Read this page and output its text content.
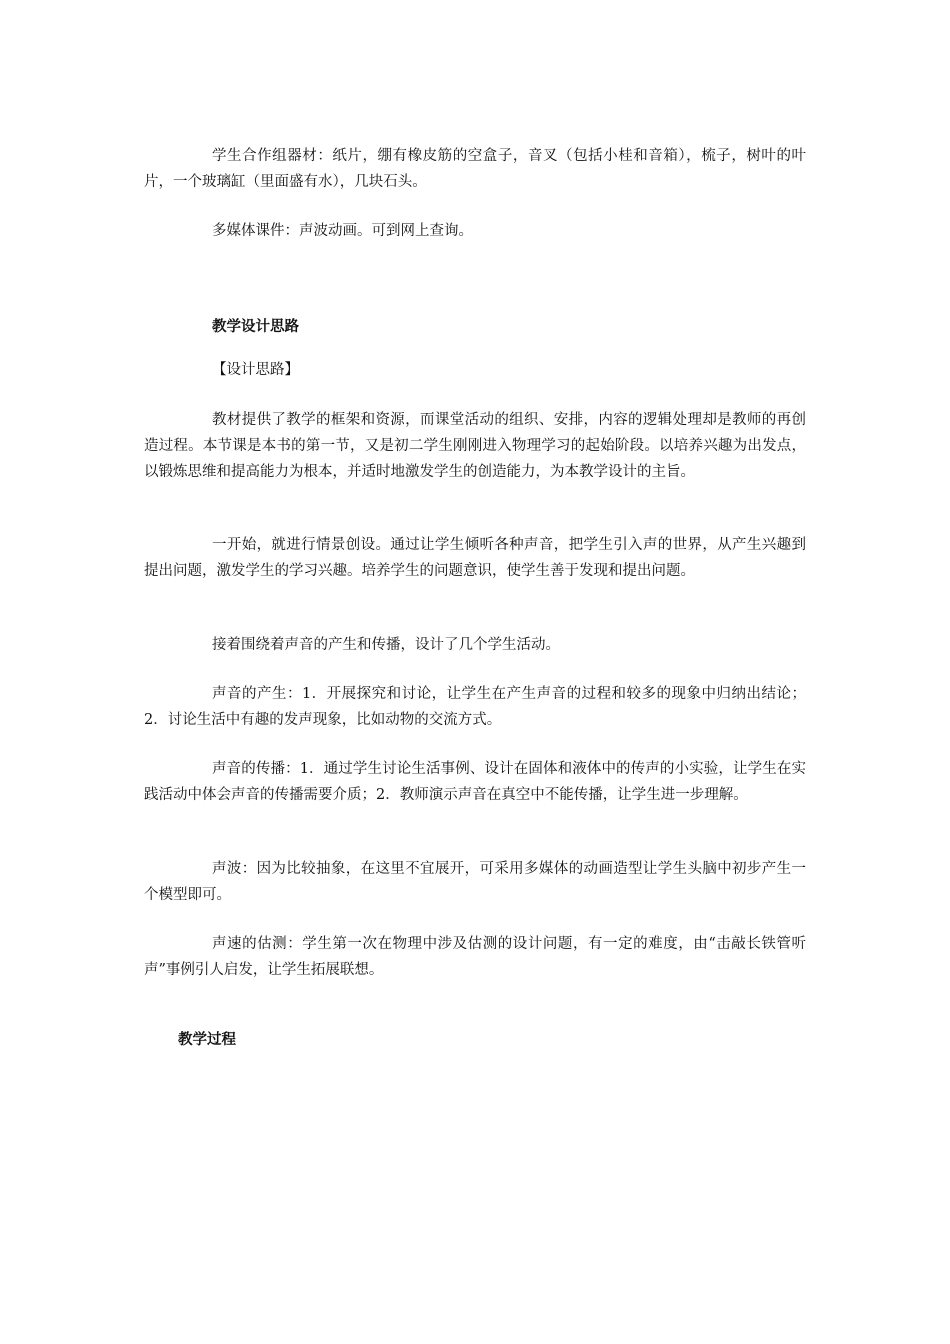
学生合作组器材：纸片，绷有橡皮筋的空盒子，音叉（包括小桂和音箱），梳子，树叶的叶片，一个玻璃缸（里面盛有水），几块石头。

多媒体课件：声波动画。可到网上查询。

教学设计思路

【设计思路】

教材提供了教学的框架和资源，而课堂活动的组织、安排，内容的逻辑处理却是教师的再创造过程。本节课是本书的第一节，又是初二学生刚刚进入物理学习的起始阶段。以培养兴趣为出发点，以锻炼思维和提高能力为根本，并适时地激发学生的创造能力，为本教学设计的主旨。

一开始，就进行情景创设。通过让学生倾听各种声音，把学生引入声的世界，从产生兴趣到提出问题，激发学生的学习兴趣。培养学生的问题意识，使学生善于发现和提出问题。

接着围绕着声音的产生和传播，设计了几个学生活动。

声音的产生：1．开展探究和讨论，让学生在产生声音的过程和较多的现象中归纳出结论；2．讨论生活中有趣的发声现象，比如动物的交流方式。

声音的传播：1．通过学生讨论生活事例、设计在固体和液体中的传声的小实验，让学生在实践活动中体会声音的传播需要介质；2．教师演示声音在真空中不能传播，让学生进一步理解。

声波：因为比较抽象，在这里不宜展开，可采用多媒体的动画造型让学生头脑中初步产生一个模型即可。

声速的估测：学生第一次在物理中涉及估测的设计问题，有一定的难度，由“击敲长铁管听声”事例引人启发，让学生拓展联想。

教学过程
